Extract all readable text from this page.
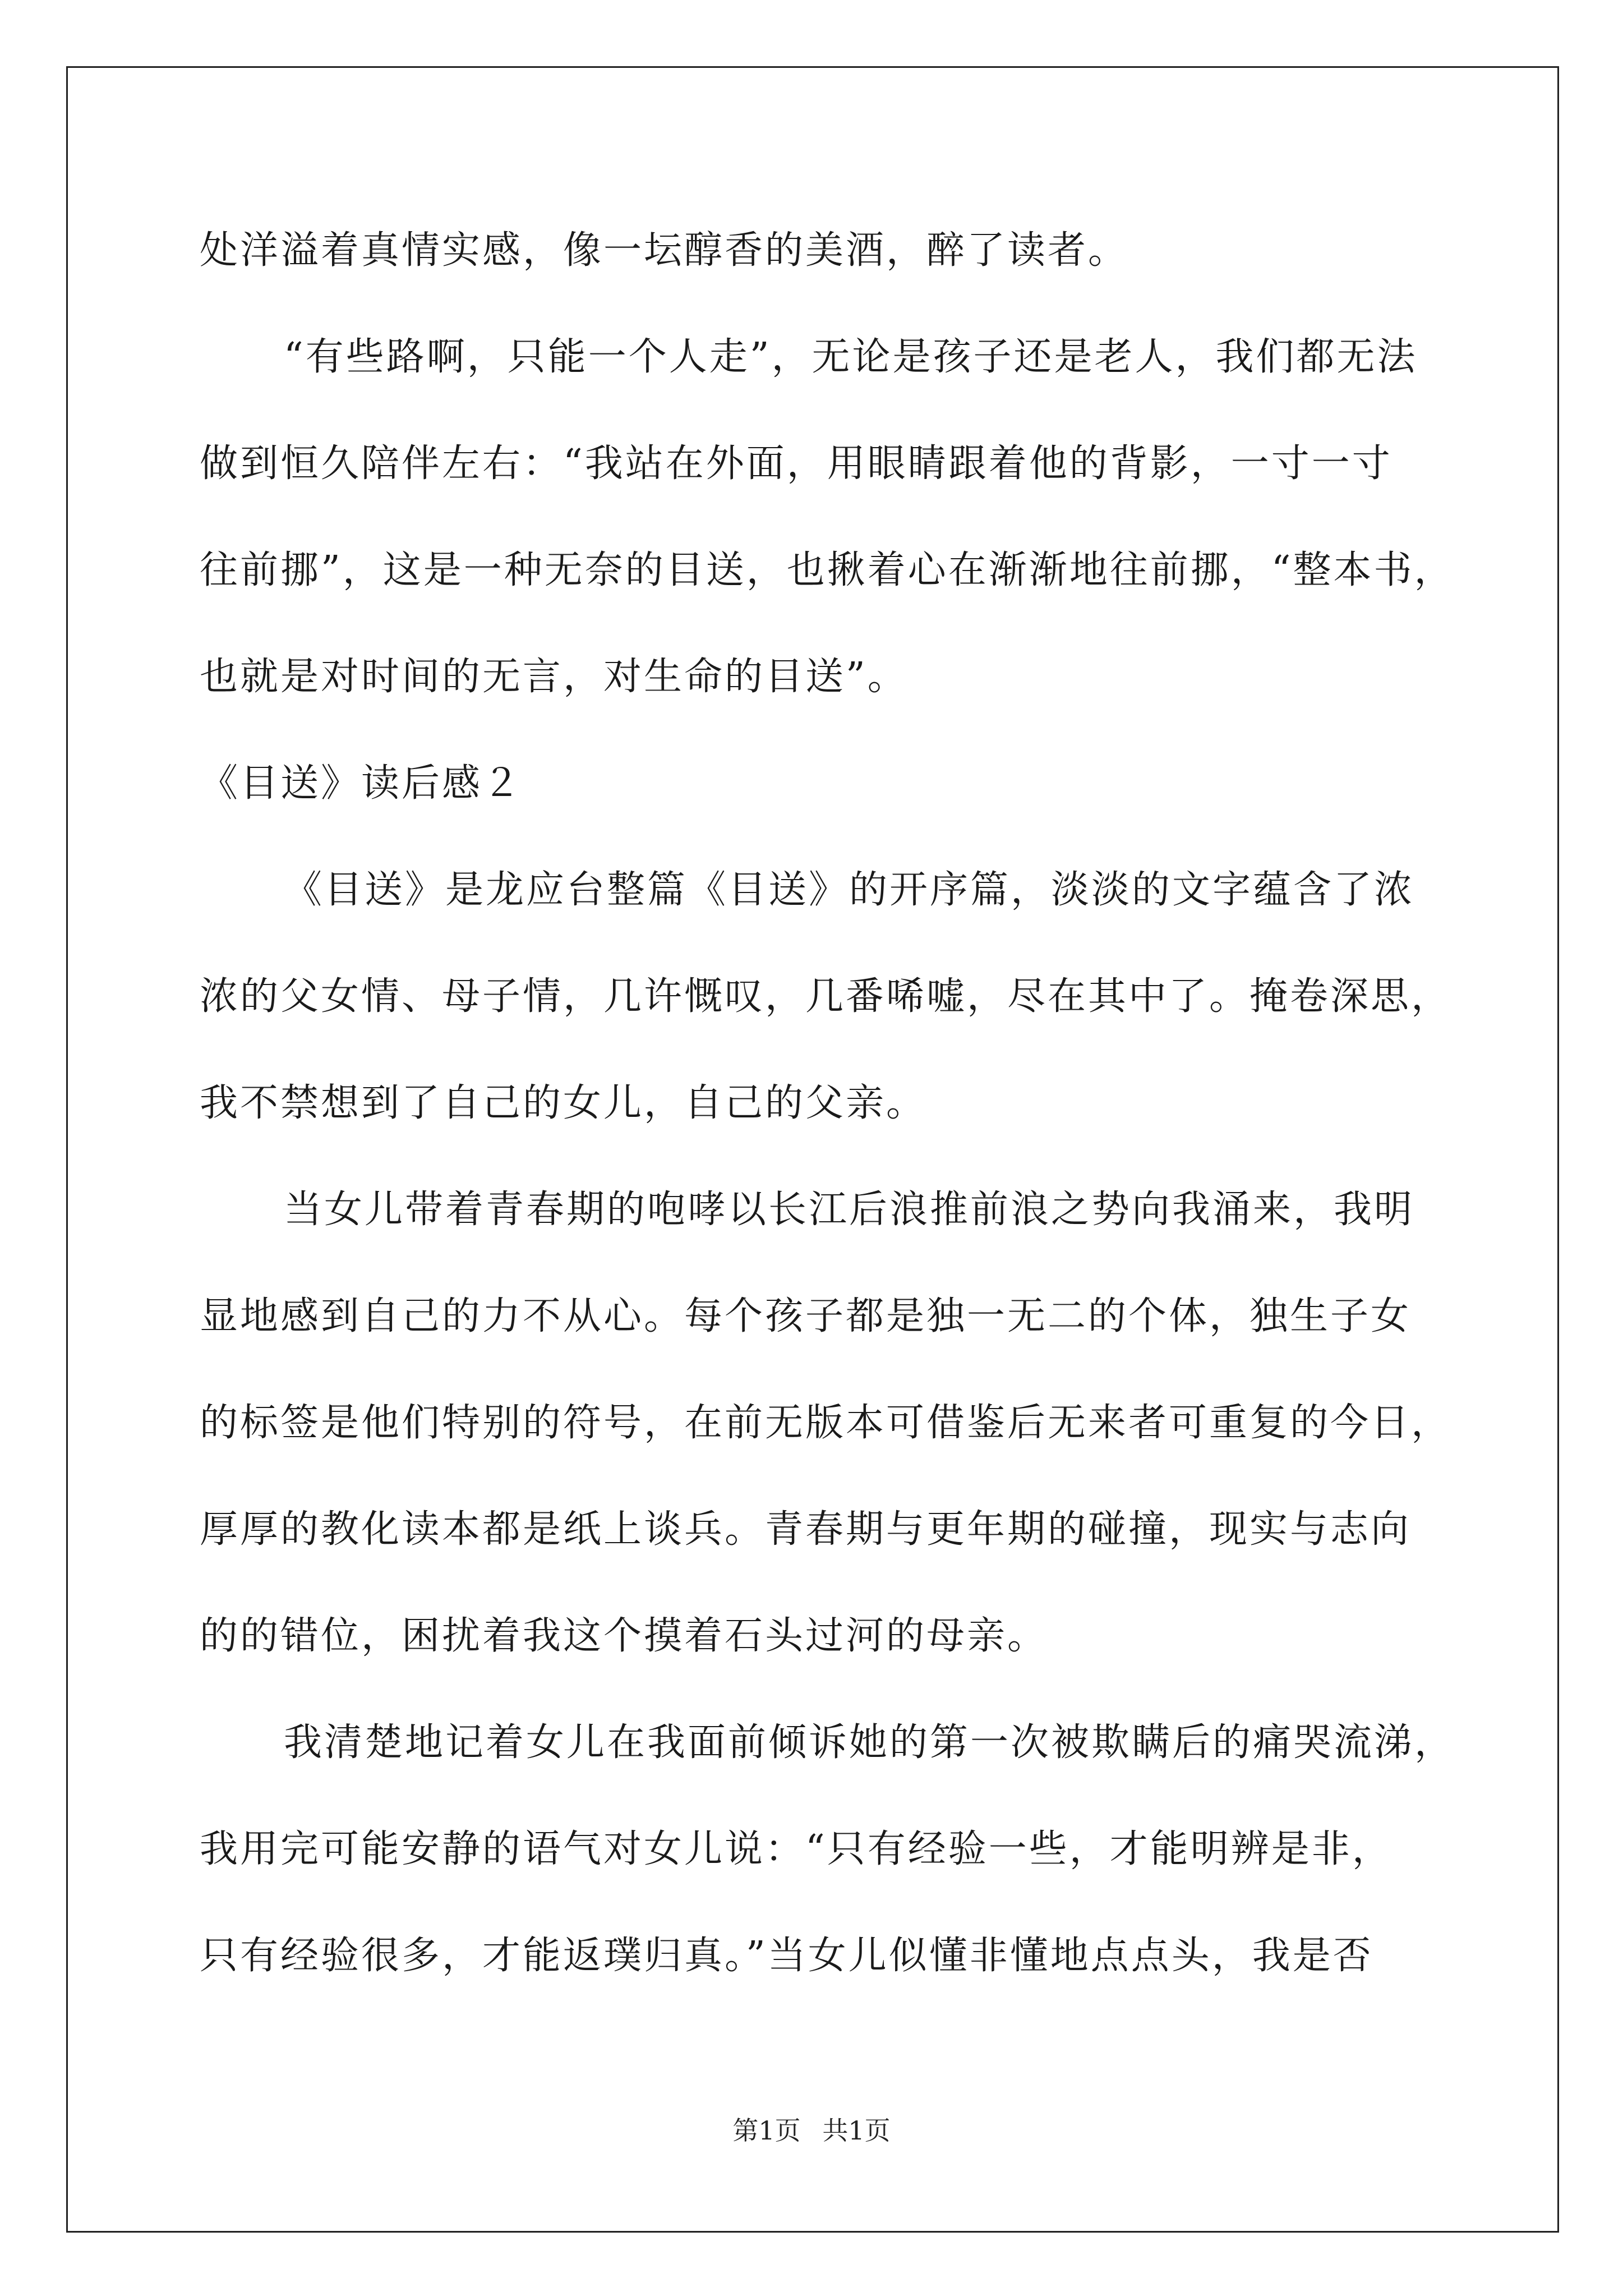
处洋溢着真情实感，像一坛醇香的美酒，醉了读者。
“有些路啊，只能一个人走”，无论是孩子还是老人，我们都无法
做到恒久陪伴左右：“我站在外面，用眼睛跟着他的背影，一寸一寸
往前挪”，这是一种无奈的目送，也揪着心在渐渐地往前挪，“整本书，
也就是对时间的无言，对生命的目送”。
《目送》读后感２
《目送》是龙应台整篇《目送》的开序篇，淡淡的文字蕴含了浓
浓的父女情、母子情，几许慨叹，几番唏嘘，尽在其中了。掩卷深思，
我不禁想到了自己的女儿，自己的父亲。
当女儿带着青春期的咆哮以长江后浪推前浪之势向我涌来，我明
显地感到自己的力不从心。每个孩子都是独一无二的个体，独生子女
的标签是他们特别的符号，在前无版本可借鉴后无来者可重复的今日，
厚厚的教化读本都是纸上谈兵。青春期与更年期的碰撞，现实与志向
的的错位，困扰着我这个摸着石头过河的母亲。
我清楚地记着女儿在我面前倾诉她的第一次被欺瞒后的痛哭流涕，
我用完可能安静的语气对女儿说：“只有经验一些，才能明辨是非，
只有经验很多，才能返璞归真。”当女儿似懂非懂地点点头，我是否
第1页 共1页
